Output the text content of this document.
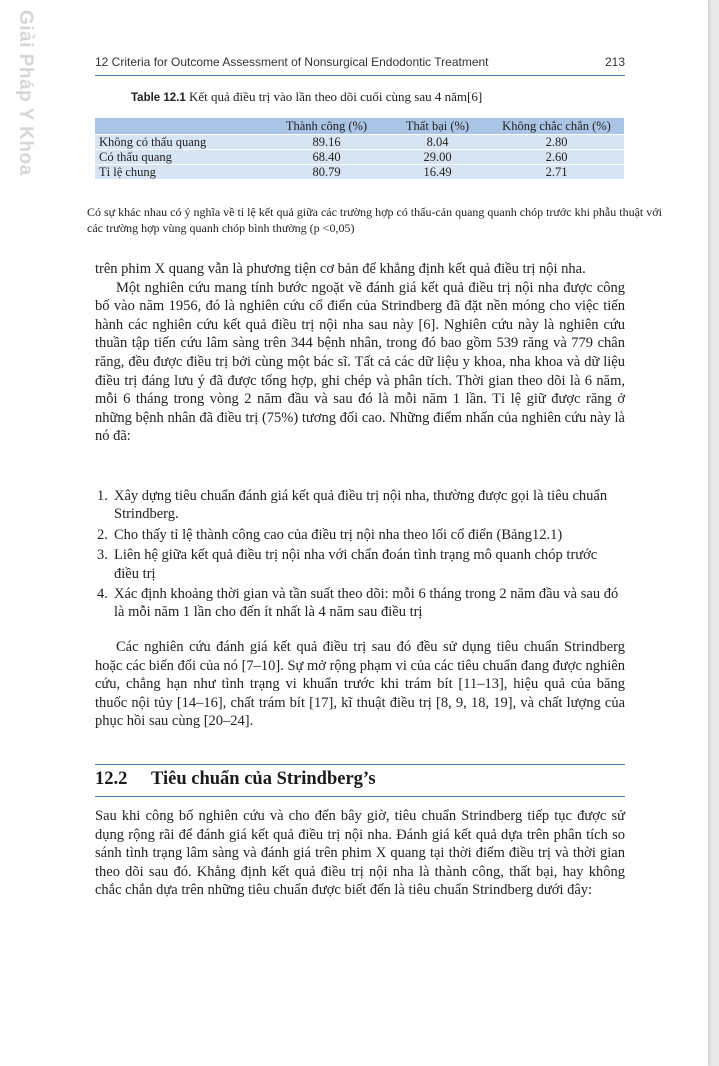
Giải Pháp Y Khoa	12 Criteria for Outcome Assessment of Nonsurgical Endodontic Treatment	213
Table 12.1 Kết quả điều trị vào lần theo dõi cuối cùng sau 4 năm[6]
	Thành công (%)	Thất bại (%)	Không chắc chắn (%)
Không có thấu quang	89.16	8.04	2.80
Có thấu quang	68.40	29.00	2.60
Tỉ lệ chung	80.79	16.49	2.71
Có sự khác nhau có ý nghĩa về tỉ lệ kết quả giữa các trường hợp có thấu-cản quang quanh chóp trước khi phẫu thuật với các trường hợp vùng quanh chóp bình thường (p <0,05)

trên phim X quang vẫn là phương tiện cơ bản để khẳng định kết quả điều trị nội nha.

Một nghiên cứu mang tính bước ngoặt về đánh giá kết quả điều trị nội nha được công bố vào năm 1956, đó là nghiên cứu cổ điển của Strindberg đã đặt nền móng cho việc tiến hành các nghiên cứu kết quả điều trị nội nha sau này [6]. Nghiên cứu này là nghiên cứu thuần tập tiến cứu lâm sàng trên 344 bệnh nhân, trong đó bao gồm 539 răng và 779 chân răng, đều được điều trị bởi cùng một bác sĩ. Tất cả các dữ liệu y khoa, nha khoa và dữ liệu điều trị đáng lưu ý đã được tổng hợp, ghi chép và phân tích. Thời gian theo dõi là 6 năm, mỗi 6 tháng trong vòng 2 năm đầu và sau đó là mỗi năm 1 lần. Tỉ lệ giữ được răng ở những bệnh nhân đã điều trị (75%) tương đối cao. Những điểm nhấn của nghiên cứu này là nó đã:

1. Xây dựng tiêu chuẩn đánh giá kết quả điều trị nội nha, thường được gọi là tiêu chuẩn Strindberg.
2. Cho thấy tỉ lệ thành công cao của điều trị nội nha theo lối cổ điển (Bảng12.1)
3. Liên hệ giữa kết quả điều trị nội nha với chẩn đoán tình trạng mô quanh chóp trước điều trị
4. Xác định khoảng thời gian và tần suất theo dõi: mỗi 6 tháng trong 2 năm đầu và sau đó là mỗi năm 1 lần cho đến ít nhất là 4 năm sau điều trị

Các nghiên cứu đánh giá kết quả điều trị sau đó đều sử dụng tiêu chuẩn Strindberg hoặc các biến đổi của nó [7–10]. Sự mở rộng phạm vi của các tiêu chuẩn đang được nghiên cứu, chẳng hạn như tình trạng vi khuẩn trước khi trám bít [11–13], hiệu quả của băng thuốc nội tủy [14–16], chất trám bít [17], kĩ thuật điều trị [8, 9, 18, 19], và chất lượng của phục hồi sau cùng [20–24].

12.2 Tiêu chuẩn của Strindberg’s

Sau khi công bố nghiên cứu và cho đến bây giờ, tiêu chuẩn Strindberg tiếp tục được sử dụng rộng rãi để đánh giá kết quả điều trị nội nha. Đánh giá kết quả dựa trên phân tích so sánh tình trạng lâm sàng và đánh giá trên phim X quang tại thời điểm điều trị và thời gian theo dõi sau đó. Khẳng định kết quả điều trị nội nha là thành công, thất bại, hay không chắc chắn dựa trên những tiêu chuẩn được biết đến là tiêu chuẩn Strindberg dưới đây:
